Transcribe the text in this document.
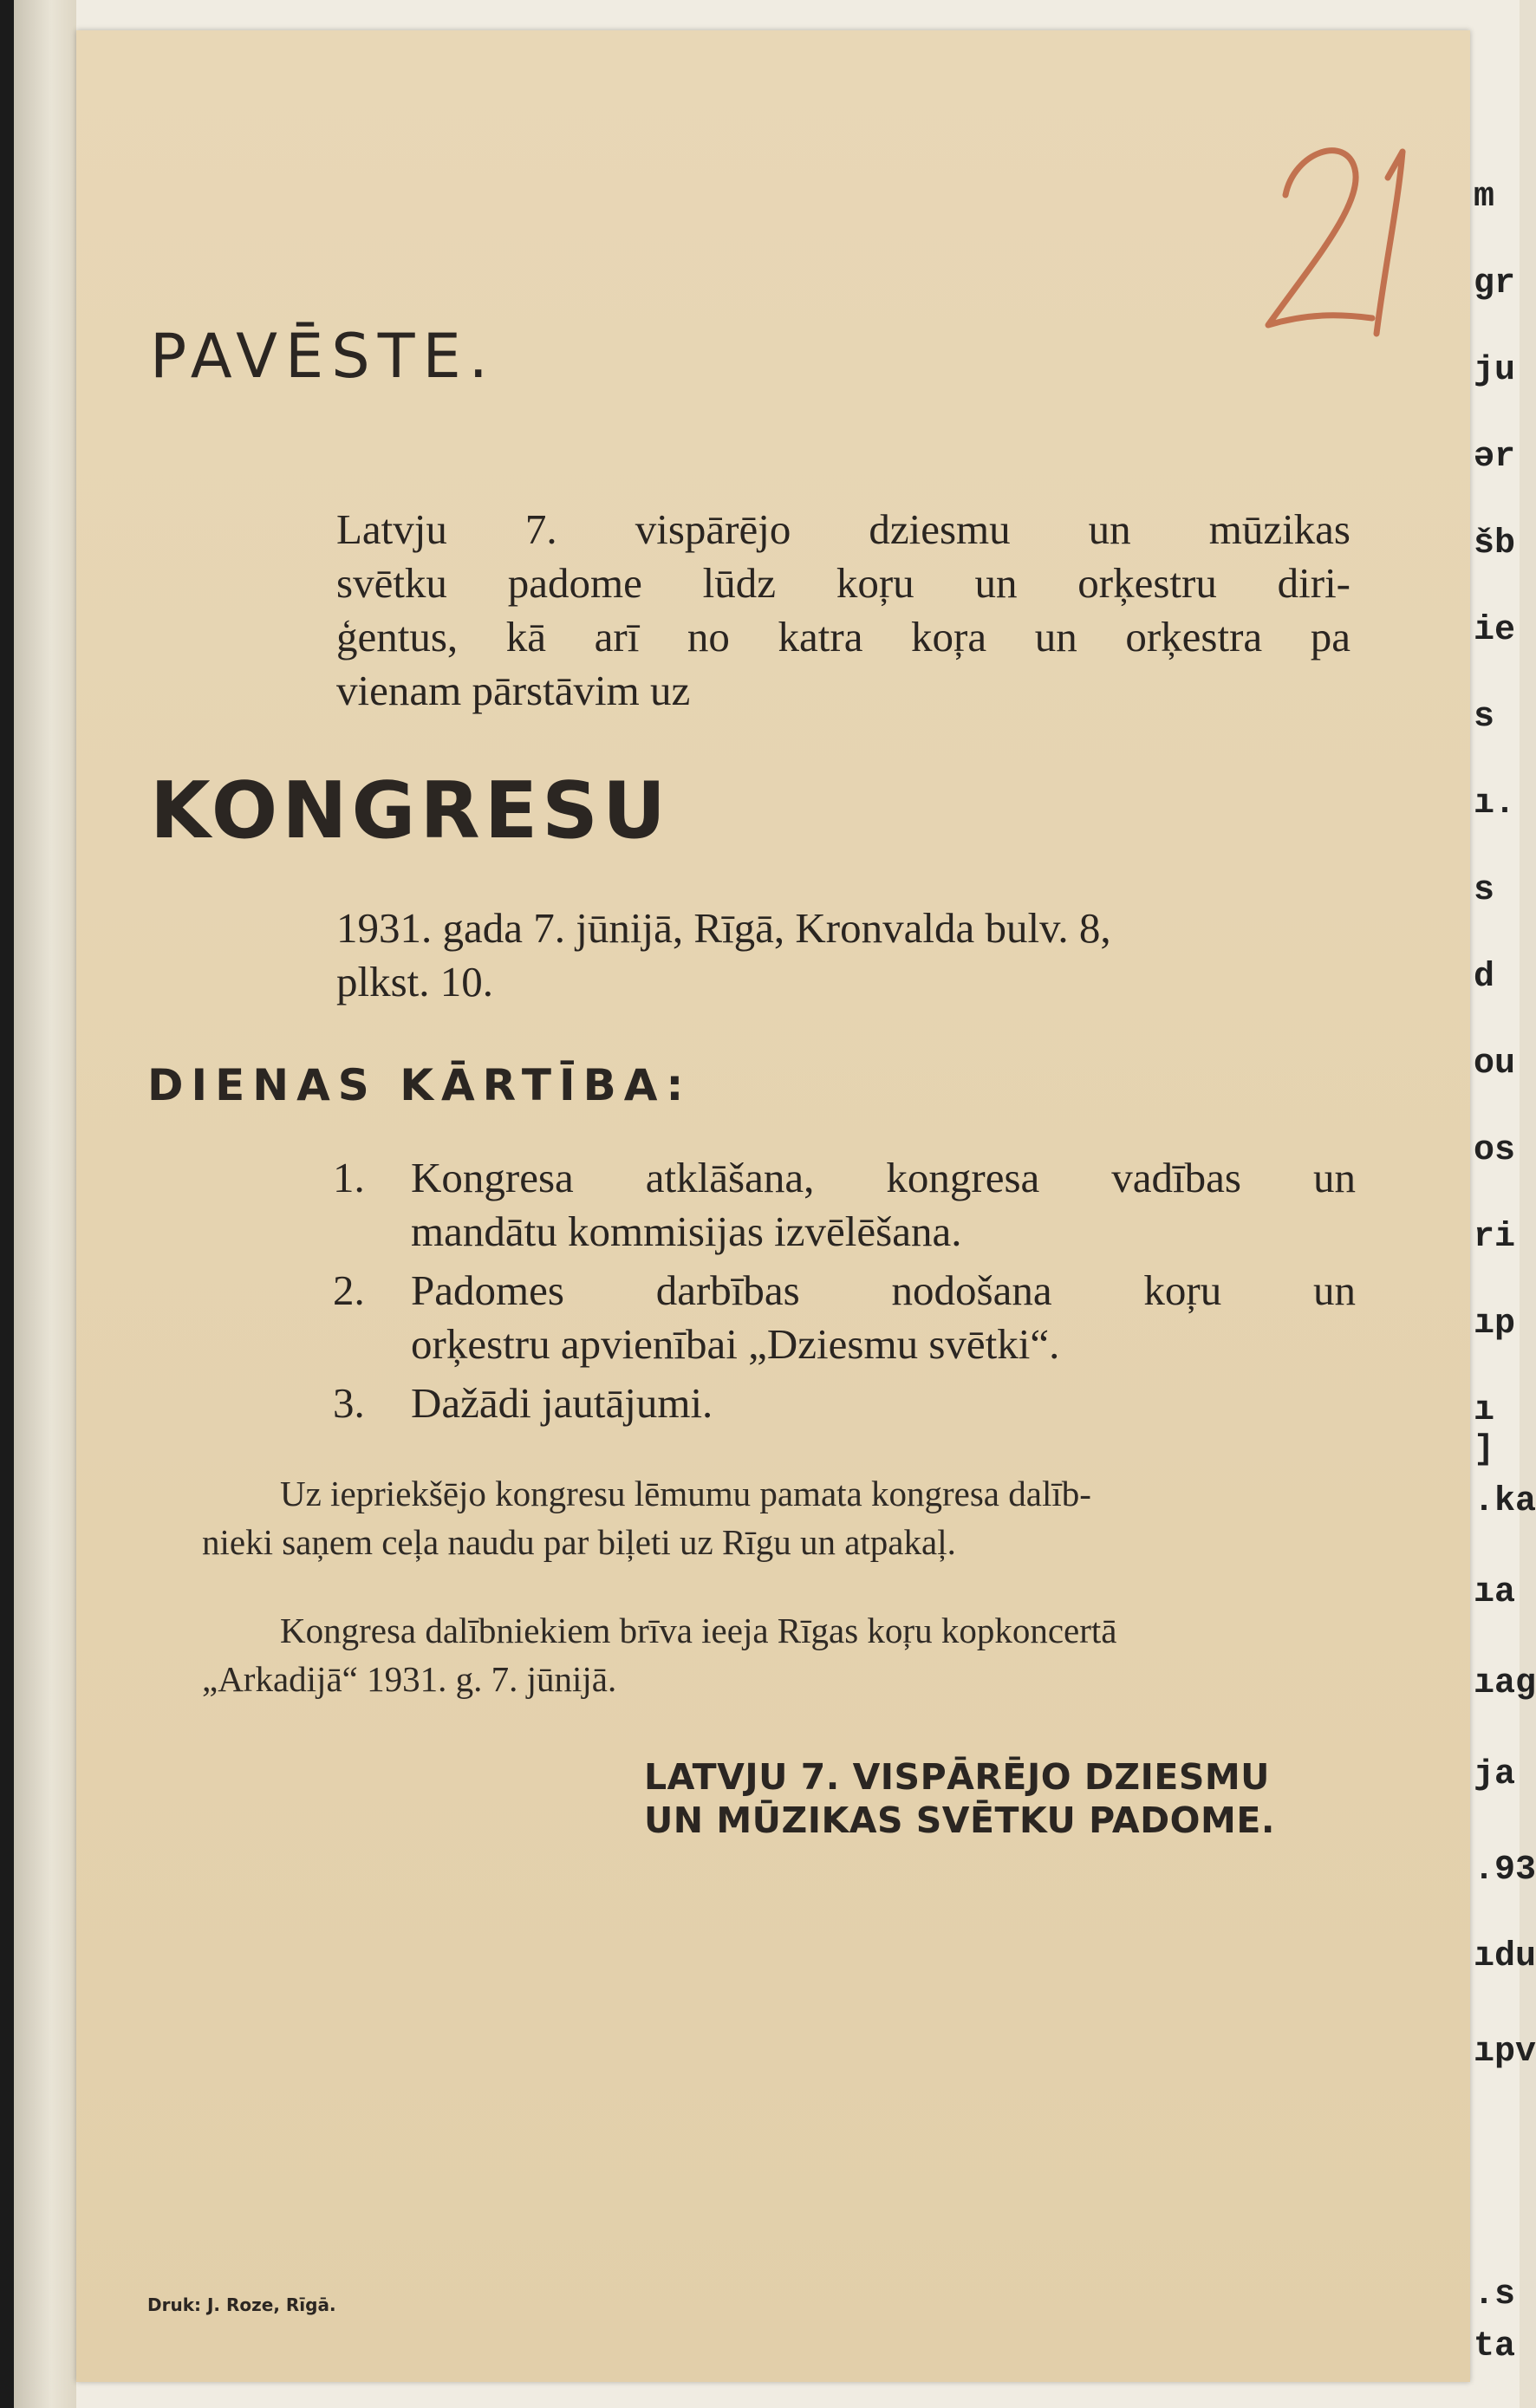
m
gr
ju
ər
šb
ie
s
ı.
s
d
ou
os
ri
ıp
ı ]
.ka
ıa
ıag
ja
.93
ıdu
ıpv
.s
ta
PAVĒSTE.
Latvju 7. vispārējo dziesmu un mūzikas
svētku padome lūdz koŗu un orķestru diri-
ģentus, kā arī no katra koŗa un orķestra pa
vienam pārstāvim uz
KONGRESU
1931. gada 7. jūnijā, Rīgā, Kronvalda bulv. 8,
plkst. 10.
DIENAS KĀRTĪBA:
1. Kongresa atklāšana, kongresa vadības un
mandātu kommisijas izvēlēšana.
2. Padomes darbības nodošana koŗu un
orķestru apvienībai „Dziesmu svētki“.
3. Dažādi jautājumi.
Uz iepriekšējo kongresu lēmumu pamata kongresa dalīb-
nieki saņem ceļa naudu par biļeti uz Rīgu un atpakaļ.
Kongresa dalībniekiem brīva ieeja Rīgas koŗu kopkoncertā
„Arkadijā“ 1931. g. 7. jūnijā.
LATVJU 7. VISPĀRĒJO DZIESMU
UN MŪZIKAS SVĒTKU PADOME.
Druk: J. Roze, Rīgā.
